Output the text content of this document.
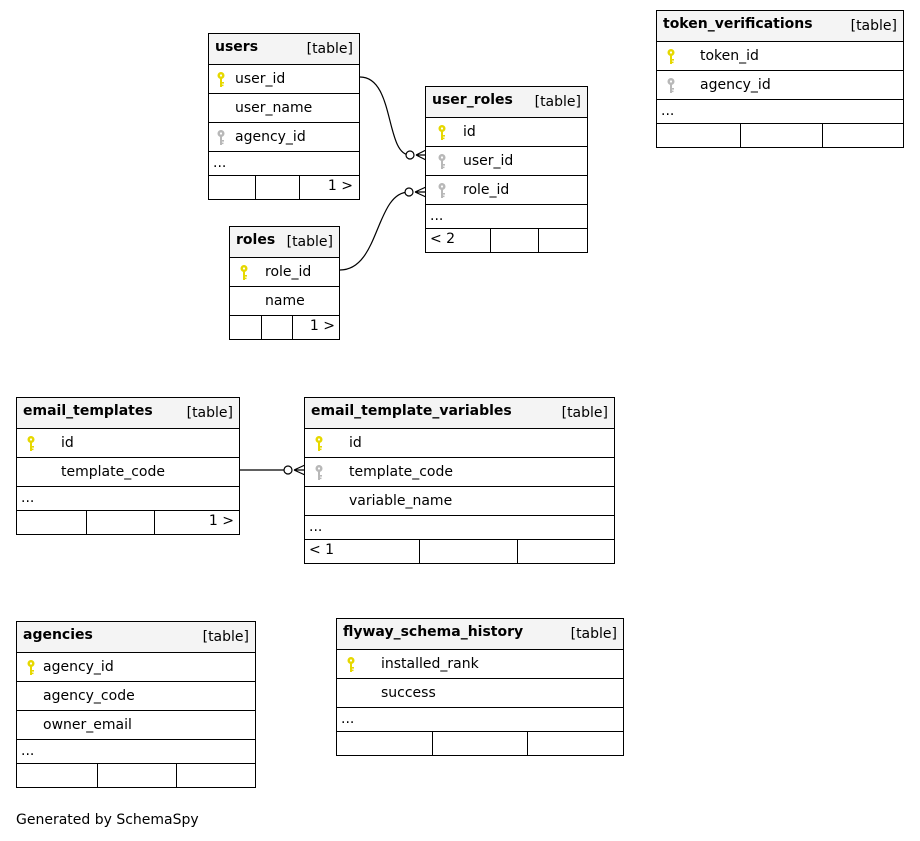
users	[table]
user_id
user_name
agency_id
...
1 >
user_roles [table]
id
user_id
role_id
...
< 2
token_verifications	[table]
token_id
agency_id
...
roles [table]
role_id
name
1 >
email_templates [table]
id
template_code
...
1 >
email_template_variables	[table]
id
template_code
variable_name
...
< 1
agencies	[table]
agency_id
agency_code
owner_email
...
flyway_schema_history	[table]
installed_rank
success
...
Generated by SchemaSpy
